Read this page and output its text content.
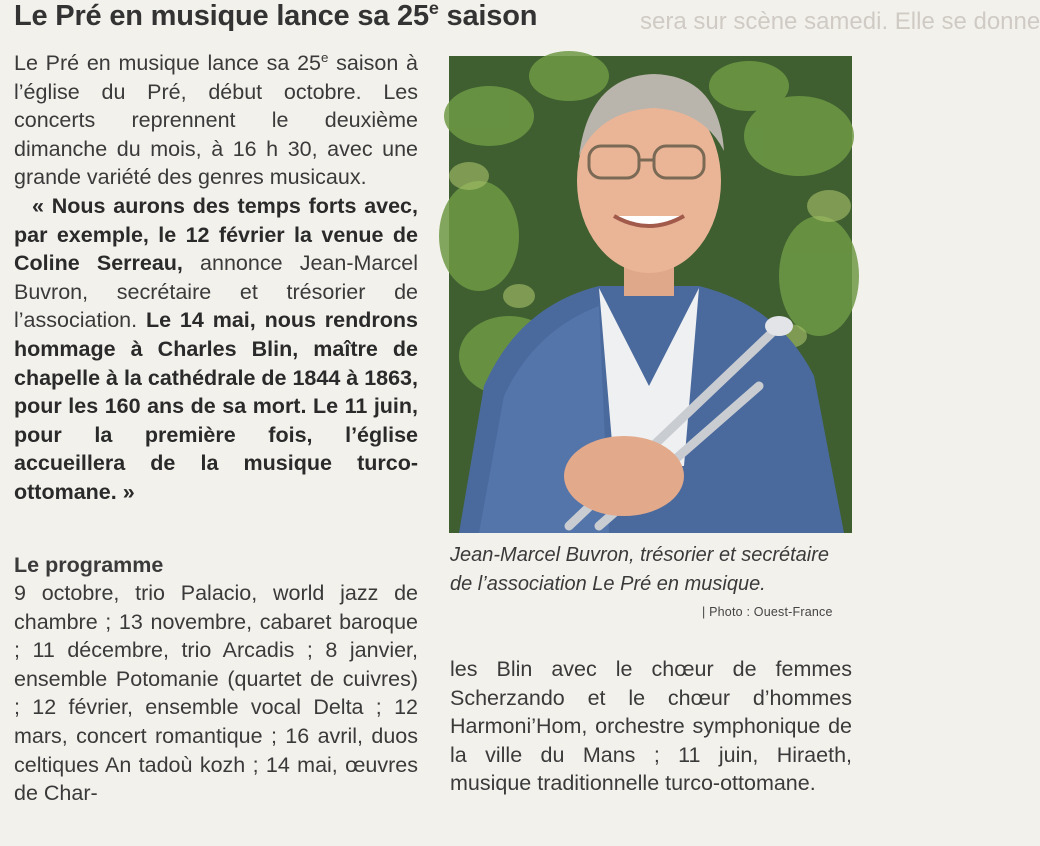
sera sur scène samedi. Elle se donne
Le Pré en musique lance sa 25e saison

Le Pré en musique lance sa 25e saison à l’église du Pré, début octobre. Les concerts reprennent le deuxième dimanche du mois, à 16 h 30, avec une grande variété des genres musicaux.

« Nous aurons des temps forts avec, par exemple, le 12 février la venue de Coline Serreau, annonce Jean-Marcel Buvron, secrétaire et trésorier de l’association. Le 14 mai, nous rendrons hommage à Charles Blin, maître de chapelle à la cathédrale de 1844 à 1863, pour les 160 ans de sa mort. Le 11 juin, pour la première fois, l’église accueillera de la musique turco- ottomane. »

Le programme

9 octobre, trio Palacio, world jazz de chambre ; 13 novembre, cabaret baroque ; 11 décembre, trio Arcadis ; 8 janvier, ensemble Potomanie (quartet de cuivres) ; 12 février, ensemble vocal Delta ; 12 mars, concert romantique ; 16 avril, duos celtiques An tadoù kozh ; 14 mai, œuvres de Char-

Jean-Marcel Buvron, trésorier et secrétaire de l’association Le Pré en musique.
| Photo : Ouest-France
les Blin avec le chœur de femmes Scherzando et le chœur d’hommes Harmoni’Hom, orchestre symphonique de la ville du Mans ; 11 juin, Hiraeth, musique traditionnelle turco-ottomane.
